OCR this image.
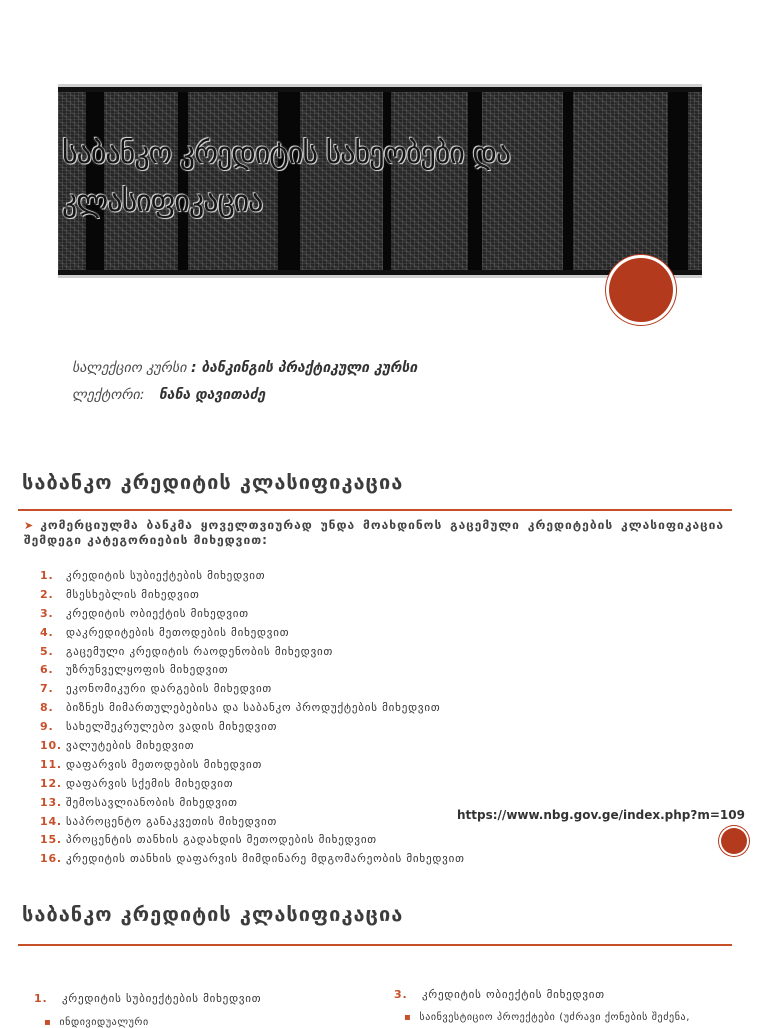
საბანკო კრედიტის სახეობები და
კლასიფიკაცია
სალექციო კურსი : ბანკინგის პრაქტიკული კურსი
ლექტორი: ნანა დავითაძე
საბანკო კრედიტის კლასიფიკაცია
➤ კომერციულმა ბანკმა ყოველთვიურად უნდა მოახდინოს გაცემული კრედიტების კლასიფიკაცია შემდეგი კატეგორიების მიხედვით:
1. კრედიტის სუბიექტების მიხედვით
2. მსესხებლის მიხედვით
3. კრედიტის ობიექტის მიხედვით
4. დაკრედიტების მეთოდების მიხედვით
5. გაცემული კრედიტის რაოდენობის მიხედვით
6. უზრუნველყოფის მიხედვით
7. ეკონომიკური დარგების მიხედვით
8. ბიზნეს მიმართულებებისა და საბანკო პროდუქტების მიხედვით
9. სახელშეკრულებო ვადის მიხედვით
10. ვალუტების მიხედვით
11. დაფარვის მეთოდების მიხედვით
12. დაფარვის სქემის მიხედვით
13. შემოსავლიანობის მიხედვით
14. საპროცენტო განაკვეთის მიხედვით
15. პროცენტის თანხის გადახდის მეთოდების მიხედვით
16. კრედიტის თანხის დაფარვის მიმდინარე მდგომარეობის მიხედვით
https://www.nbg.gov.ge/index.php?m=109
საბანკო კრედიტის კლასიფიკაცია
1. კრედიტის სუბიექტების მიხედვით
▪ ინდივიდუალური
3. კრედიტის ობიექტის მიხედვით
▪ საინვესტიციო პროექტები (უძრავი ქონების შეძენა,
